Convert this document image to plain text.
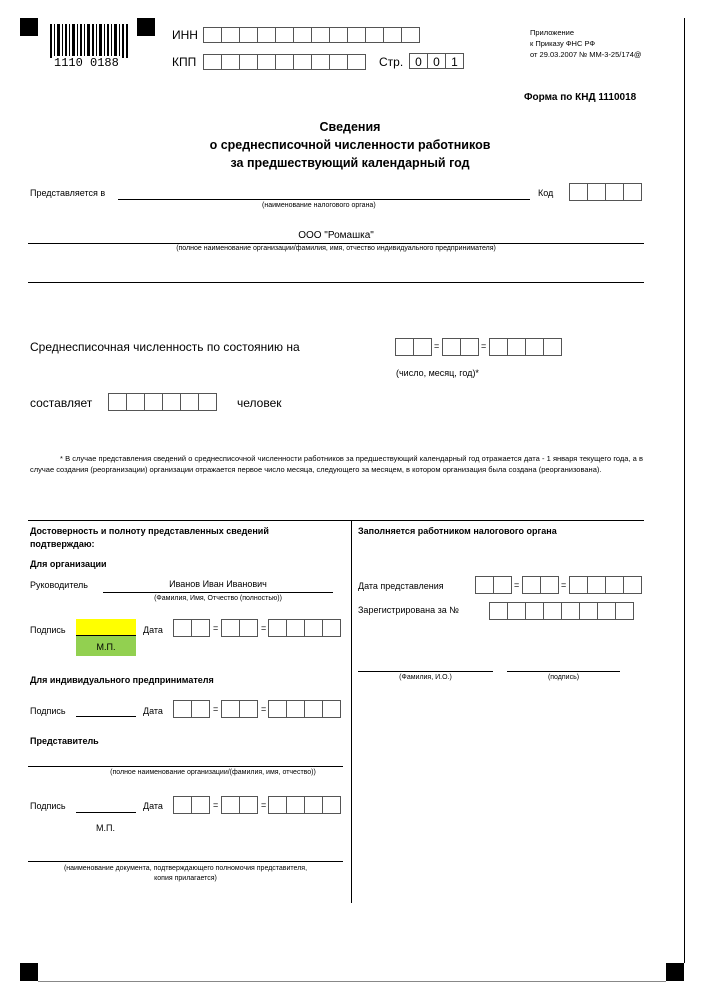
1110 0188
ИНН
КПП	Стр. 0 0 1
Приложение
к Приказу ФНС РФ
от 29.03.2007 № ММ-3-25/174@
Форма по КНД 1110018
Сведения
о среднесписочной численности работников
за предшествующий календарный год
Представляется в
(наименование налогового органа)
Код
ООО "Ромашка"
(полное наименование организации/фамилия, имя, отчество индивидуального предпринимателя)
Среднесписочная численность по состоянию на	=	=
(число, месяц, год)*
составляет	человек
* В случае представления сведений о среднесписочной численности работников за предшествующий календарный год отражается дата - 1 января текущего года, а в случае создания (реорганизации) организации отражается первое число месяца, следующего за месяцем, в котором организация была создана (реорганизована).
Достоверность и полноту представленных сведений
подтверждаю:
Для организации
Руководитель	Иванов Иван Иванович
(Фамилия, Имя, Отчество (полностью))
Подпись
М.П.
Дата	=	=
Для индивидуального предпринимателя
Подпись	Дата	=	=
Представитель
(полное наименование организации/(фамилия, имя, отчество))
Подпись	Дата	=	=
М.П.
(наименование документа, подтверждающего полномочия представителя,
копия прилагается)
Заполняется работником налогового органа
Дата представления	=	=
Зарегистрирована за №
(Фамилия, И.О.)	(подпись)
